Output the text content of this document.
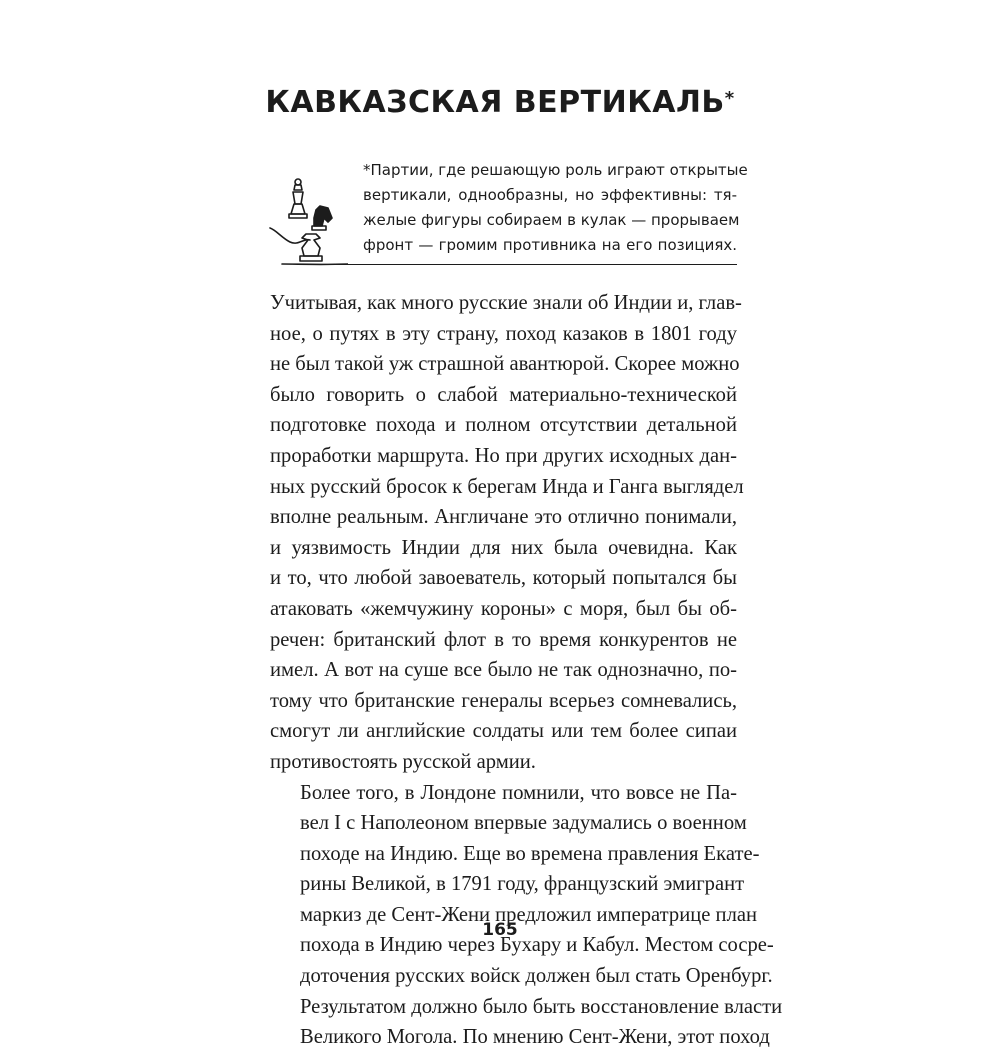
КАВКАЗСКАЯ ВЕРТИКАЛЬ*
*Партии, где решающую роль играют открытые
вертикали, однообразны, но эффективны: тя-
желые фигуры собираем в кулак — прорываем
фронт — громим противника на его позициях.

Учитывая, как много русские знали об Индии и, глав-
ное, о путях в эту страну, поход казаков в 1801 году
не был такой уж страшной авантюрой. Скорее можно
было говорить о слабой материально-технической
подготовке похода и полном отсутствии детальной
проработки маршрута. Но при других исходных дан-
ных русский бросок к берегам Инда и Ганга выглядел
вполне реальным. Англичане это отлично понимали,
и уязвимость Индии для них была очевидна. Как
и то, что любой завоеватель, который попытался бы
атаковать «жемчужину короны» с моря, был бы об-
речен: британский флот в то время конкурентов не
имел. А вот на суше все было не так однозначно, по-
тому что британские генералы всерьез сомневались,
смогут ли английские солдаты или тем более сипаи
противостоять русской армии.

Более того, в Лондоне помнили, что вовсе не Па-
вел I с Наполеоном впервые задумались о военном
походе на Индию. Еще во времена правления Екате-
рины Великой, в 1791 году, французский эмигрант
маркиз де Сент-Жени предложил императрице план
похода в Индию через Бухару и Кабул. Местом сосре-
доточения русских войск должен был стать Оренбург.
Результатом должно было быть восстановление власти
Великого Могола. По мнению Сент-Жени, этот поход

165
